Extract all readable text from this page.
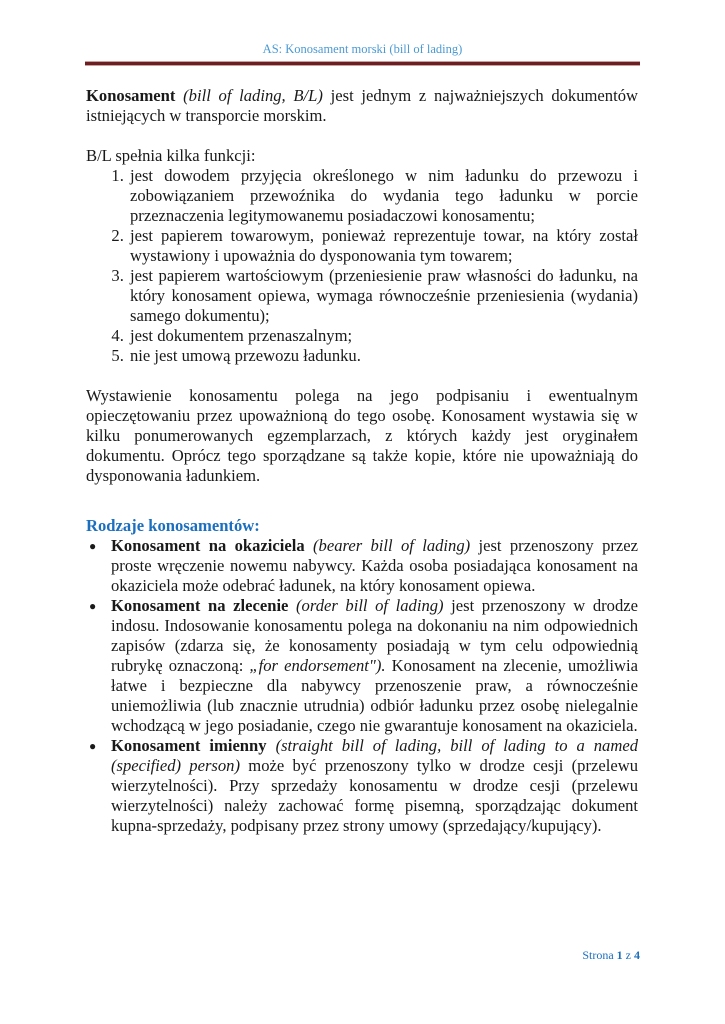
AS: Konosament morski (bill of lading)

Konosament (bill of lading, B/L) jest jednym z najważniejszych dokumentów istniejących w transporcie morskim.

B/L spełnia kilka funkcji:

1. jest dowodem przyjęcia określonego w nim ładunku do przewozu i zobowiązaniem przewoźnika do wydania tego ładunku w porcie przeznaczenia legitymowanemu posiadaczowi konosamentu;
2. jest papierem towarowym, ponieważ reprezentuje towar, na który został wystawiony i upoważnia do dysponowania tym towarem;
3. jest papierem wartościowym (przeniesienie praw własności do ładunku, na który konosament opiewa, wymaga równocześnie przeniesienia (wydania) samego dokumentu);
4. jest dokumentem przenaszalnym;
5. nie jest umową przewozu ładunku.

Wystawienie konosamentu polega na jego podpisaniu i ewentualnym opieczętowaniu przez upoważnioną do tego osobę. Konosament wystawia się w kilku ponumerowanych egzemplarzach, z których każdy jest oryginałem dokumentu. Oprócz tego sporządzane są także kopie, które nie upoważniają do dysponowania ładunkiem.

Rodzaje konosamentów:

● Konosament na okaziciela (bearer bill of lading) jest przenoszony przez proste wręczenie nowemu nabywcy. Każda osoba posiadająca konosament na okaziciela może odebrać ładunek, na który konosament opiewa.
● Konosament na zlecenie (order bill of lading) jest przenoszony w drodze indosu. Indosowanie konosamentu polega na dokonaniu na nim odpowiednich zapisów (zdarza się, że konosamenty posiadają w tym celu odpowiednią rubrykę oznaczoną: „for endorsement"). Konosament na zlecenie, umożliwia łatwe i bezpieczne dla nabywcy przenoszenie praw, a równocześnie uniemożliwia (lub znacznie utrudnia) odbiór ładunku przez osobę nielegalnie wchodzącą w jego posiadanie, czego nie gwarantuje konosament na okaziciela.
● Konosament imienny (straight bill of lading, bill of lading to a named (specified) person) może być przenoszony tylko w drodze cesji (przelewu wierzytelności). Przy sprzedaży konosamentu w drodze cesji (przelewu wierzytelności) należy zachować formę pisemną, sporządzając dokument kupna-sprzedaży, podpisany przez strony umowy (sprzedający/kupujący).
Strona 1 z 4
